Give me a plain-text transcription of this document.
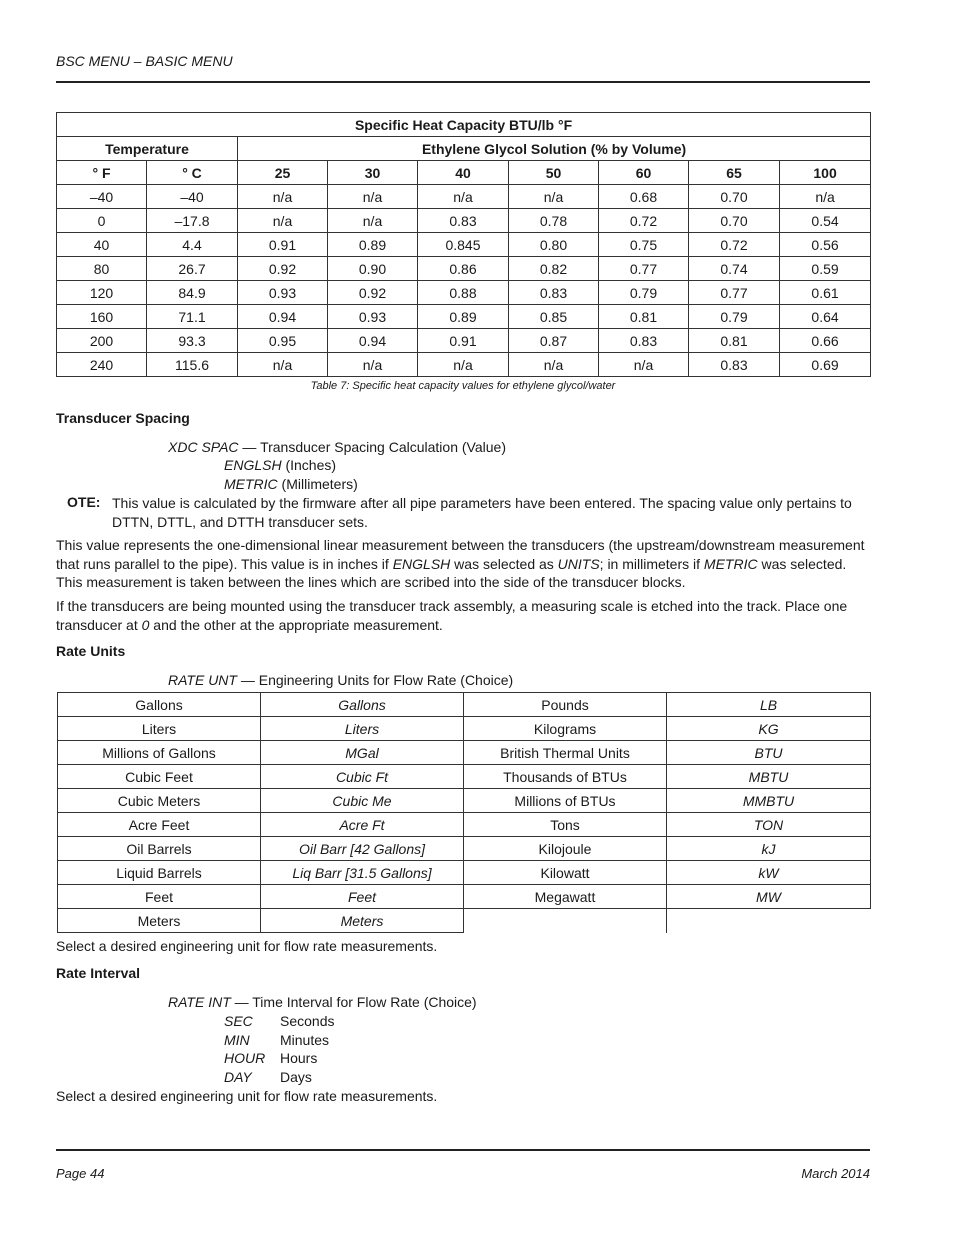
BSC MENU – BASIC MENU
Specific Heat Capacity BTU/lb °F								
Temperature		Ethylene Glycol Solution (% by Volume)						
° F	° C	25	30	40	50	60	65	100
–40	–40	n/a	n/a	n/a	n/a	0.68	0.70	n/a
0	–17.8	n/a	n/a	0.83	0.78	0.72	0.70	0.54
40	4.4	0.91	0.89	0.845	0.80	0.75	0.72	0.56
80	26.7	0.92	0.90	0.86	0.82	0.77	0.74	0.59
120	84.9	0.93	0.92	0.88	0.83	0.79	0.77	0.61
160	71.1	0.94	0.93	0.89	0.85	0.81	0.79	0.64
200	93.3	0.95	0.94	0.91	0.87	0.83	0.81	0.66
240	115.6	n/a	n/a	n/a	n/a	n/a	0.83	0.69
Table 7: Specific heat capacity values for ethylene glycol/water
Transducer Spacing
XDC SPAC — Transducer Spacing Calculation (Value)
ENGLSH (Inches)
METRIC (Millimeters)
OTE: This value is calculated by the firmware after all pipe parameters have been entered. The spacing value only pertains to DTTN, DTTL, and DTTH transducer sets.

This value represents the one-dimensional linear measurement between the transducers (the upstream/downstream measurement that runs parallel to the pipe). This value is in inches if ENGLSH was selected as UNITS; in millimeters if METRIC was selected. This measurement is taken between the lines which are scribed into the side of the transducer blocks.

If the transducers are being mounted using the transducer track assembly, a measuring scale is etched into the track. Place one transducer at 0 and the other at the appropriate measurement.

Rate Units
RATE UNT — Engineering Units for Flow Rate (Choice)
Gallons	Gallons	Pounds	LB
Liters	Liters	Kilograms	KG
Millions of Gallons	MGal	British Thermal Units	BTU
Cubic Feet	Cubic Ft	Thousands of BTUs	MBTU
Cubic Meters	Cubic Me	Millions of BTUs	MMBTU
Acre Feet	Acre Ft	Tons	TON
Oil Barrels	Oil Barr [42 Gallons]	Kilojoule	kJ
Liquid Barrels	Liq Barr [31.5 Gallons]	Kilowatt	kW
Feet	Feet	Megawatt	MW
Meters	Meters		
Select a desired engineering unit for flow rate measurements.
Rate Interval
RATE INT — Time Interval for Flow Rate (Choice)
SEC Seconds
MIN Minutes
HOUR Hours
DAY Days
Select a desired engineering unit for flow rate measurements.
Page 44	March 2014
